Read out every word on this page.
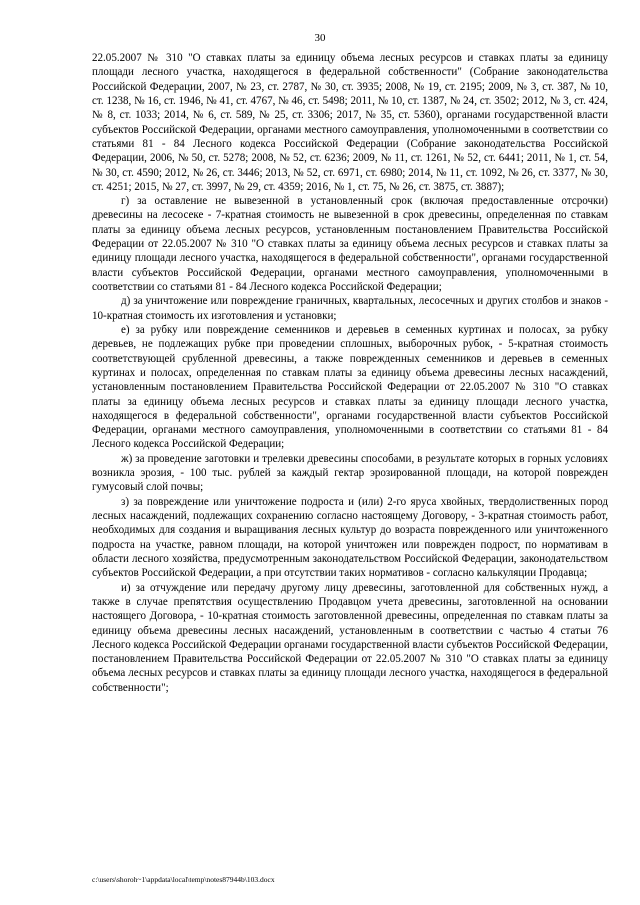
30

22.05.2007 № 310 "О ставках платы за единицу объема лесных ресурсов и ставках платы за единицу площади лесного участка, находящегося в федеральной собственности" (Собрание законодательства Российской Федерации, 2007, № 23, ст. 2787, № 30, ст. 3935; 2008, № 19, ст. 2195; 2009, № 3, ст. 387, № 10, ст. 1238, № 16, ст. 1946, № 41, ст. 4767, № 46, ст. 5498; 2011, № 10, ст. 1387, № 24, ст. 3502; 2012, № 3, ст. 424, № 8, ст. 1033; 2014, № 6, ст. 589, № 25, ст. 3306; 2017, № 35, ст. 5360), органами государственной власти субъектов Российской Федерации, органами местного самоуправления, уполномоченными в соответствии со статьями 81 - 84 Лесного кодекса Российской Федерации (Собрание законодательства Российской Федерации, 2006, № 50, ст. 5278; 2008, № 52, ст. 6236; 2009, № 11, ст. 1261, № 52, ст. 6441; 2011, № 1, ст. 54, № 30, ст. 4590; 2012, № 26, ст. 3446; 2013, № 52, ст. 6971, ст. 6980; 2014, № 11, ст. 1092, № 26, ст. 3377, № 30, ст. 4251; 2015, № 27, ст. 3997, № 29, ст. 4359; 2016, № 1, ст. 75, № 26, ст. 3875, ст. 3887);

г) за оставление не вывезенной в установленный срок (включая предоставленные отсрочки) древесины на лесосеке - 7-кратная стоимость не вывезенной в срок древесины, определенная по ставкам платы за единицу объема лесных ресурсов, установленным постановлением Правительства Российской Федерации от 22.05.2007 № 310 "О ставках платы за единицу объема лесных ресурсов и ставках платы за единицу площади лесного участка, находящегося в федеральной собственности", органами государственной власти субъектов Российской Федерации, органами местного самоуправления, уполномоченными в соответствии со статьями 81 - 84 Лесного кодекса Российской Федерации;

д) за уничтожение или повреждение граничных, квартальных, лесосечных и других столбов и знаков - 10-кратная стоимость их изготовления и установки;

е) за рубку или повреждение семенников и деревьев в семенных куртинах и полосах, за рубку деревьев, не подлежащих рубке при проведении сплошных, выборочных рубок, - 5-кратная стоимость соответствующей срубленной древесины, а также поврежденных семенников и деревьев в семенных куртинах и полосах, определенная по ставкам платы за единицу объема древесины лесных насаждений, установленным постановлением Правительства Российской Федерации от 22.05.2007 № 310 "О ставках платы за единицу объема лесных ресурсов и ставках платы за единицу площади лесного участка, находящегося в федеральной собственности", органами государственной власти субъектов Российской Федерации, органами местного самоуправления, уполномоченными в соответствии со статьями 81 - 84 Лесного кодекса Российской Федерации;

ж) за проведение заготовки и трелевки древесины способами, в результате которых в горных условиях возникла эрозия, - 100 тыс. рублей за каждый гектар эрозированной площади, на которой поврежден гумусовый слой почвы;

з) за повреждение или уничтожение подроста и (или) 2-го яруса хвойных, твердолиственных пород лесных насаждений, подлежащих сохранению согласно настоящему Договору, - 3-кратная стоимость работ, необходимых для создания и выращивания лесных культур до возраста поврежденного или уничтоженного подроста на участке, равном площади, на которой уничтожен или поврежден подрост, по нормативам в области лесного хозяйства, предусмотренным законодательством Российской Федерации, законодательством субъектов Российской Федерации, а при отсутствии таких нормативов - согласно калькуляции Продавца;

и) за отчуждение или передачу другому лицу древесины, заготовленной для собственных нужд, а также в случае препятствия осуществлению Продавцом учета древесины, заготовленной на основании настоящего Договора, - 10-кратная стоимость заготовленной древесины, определенная по ставкам платы за единицу объема древесины лесных насаждений, установленным в соответствии с частью 4 статьи 76 Лесного кодекса Российской Федерации органами государственной власти субъектов Российской Федерации, постановлением Правительства Российской Федерации от 22.05.2007 № 310 "О ставках платы за единицу объема лесных ресурсов и ставках платы за единицу площади лесного участка, находящегося в федеральной собственности";

c:\users\shoroh~1\appdata\local\temp\notes87944b\103.docx
